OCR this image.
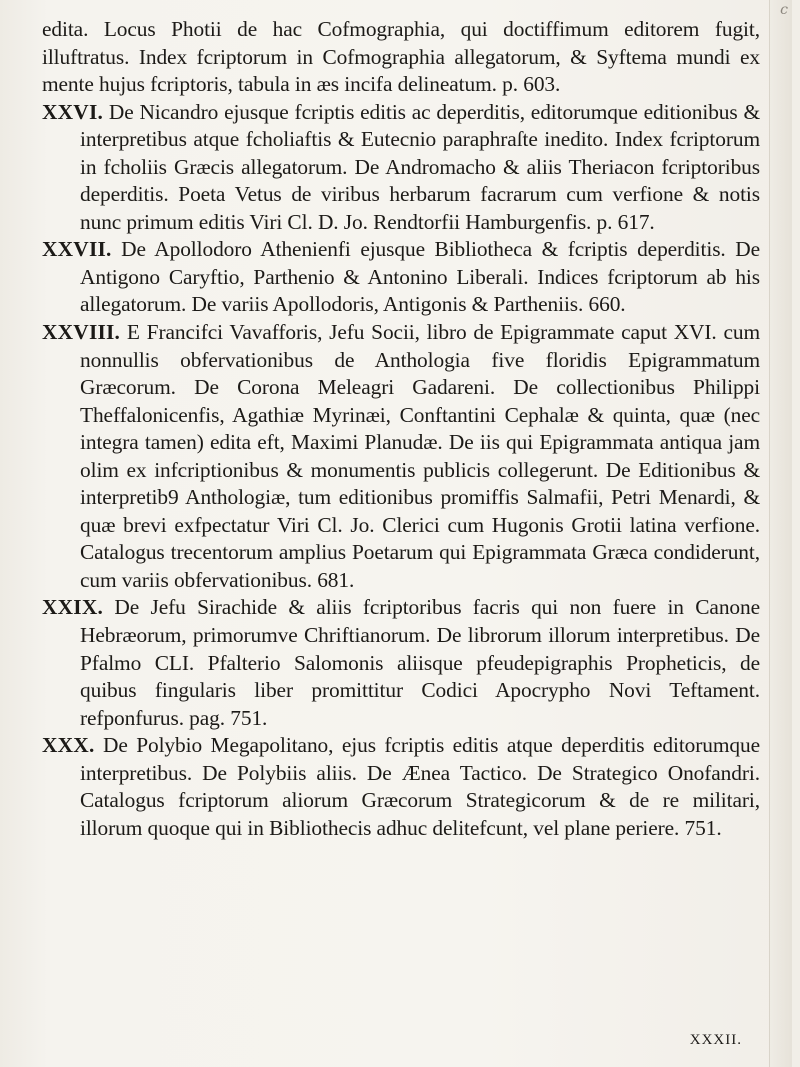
c

edita. Locus Photii de hac Cofmographia, qui doctiffimum editorem fugit, illuftratus. Index fcriptorum in Cofmographia allegatorum, & Syftema mundi ex mente hujus fcriptoris, tabula in æs incifa delineatum. p. 603.

XXVI. De Nicandro ejusque fcriptis editis ac deperditis, editorumque editionibus & interpretibus atque fcholiaftis & Eutecnio paraphraſte inedito. Index fcriptorum in fcholiis Græcis allegatorum. De Andromacho & aliis Theriacon fcriptoribus deperditis. Poeta Vetus de viribus herbarum facrarum cum verfione & notis nunc primum editis Viri Cl. D. Jo. Rendtorfii Hamburgenfis. p. 617.

XXVII. De Apollodoro Athenienfi ejusque Bibliotheca & fcriptis deperditis. De Antigono Caryftio, Parthenio & Antonino Liberali. Indices fcriptorum ab his allegatorum. De variis Apollodoris, Antigonis & Partheniis. 660.

XXVIII. E Francifci Vavafforis, Jefu Socii, libro de Epigrammate caput XVI. cum nonnullis obfervationibus de Anthologia five floridis Epigrammatum Græcorum. De Corona Meleagri Gadareni. De collectionibus Philippi Theffalonicenfis, Agathiæ Myrinæi, Conftantini Cephalæ & quinta, quæ (nec integra tamen) edita eft, Maximi Planudæ. De iis qui Epigrammata antiqua jam olim ex infcriptionibus & monumentis publicis collegerunt. De Editionibus & interpretib9 Anthologiæ, tum editionibus promiffis Salmafii, Petri Menardi, & quæ brevi exfpectatur Viri Cl. Jo. Clerici cum Hugonis Grotii latina verfione. Catalogus trecentorum amplius Poetarum qui Epigrammata Græca condiderunt, cum variis obfervationibus. 681.

XXIX. De Jefu Sirachide & aliis fcriptoribus facris qui non fuere in Canone Hebræorum, primorumve Chriftianorum. De librorum illorum interpretibus. De Pfalmo CLI. Pfalterio Salomonis aliisque pfeudepigraphis Propheticis, de quibus fingularis liber promittitur Codici Apocrypho Novi Teftament. refponfurus. pag. 751.

XXX. De Polybio Megapolitano, ejus fcriptis editis atque deperditis editorumque interpretibus. De Polybiis aliis. De Ænea Tactico. De Strategico Onofandri. Catalogus fcriptorum aliorum Græcorum Strategicorum & de re militari, illorum quoque qui in Bibliothecis adhuc delitefcunt, vel plane periere. 751.

XXXII.
